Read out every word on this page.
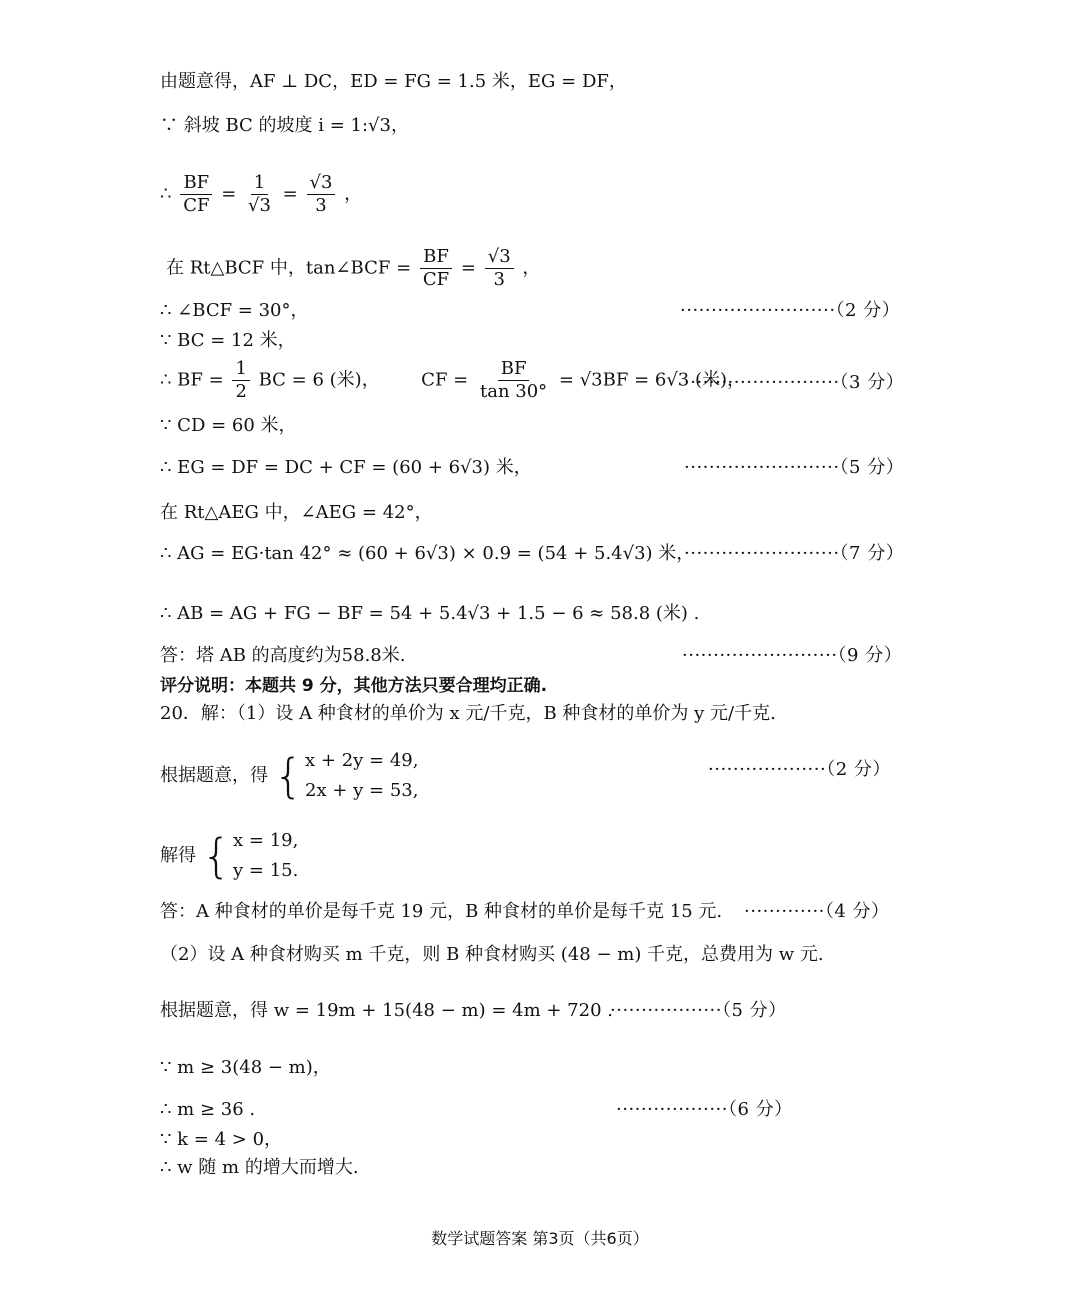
由题意得，AF ⊥ DC，ED = FG = 1.5 米，EG = DF，
∵ 斜坡 BC 的坡度 i = 1:√3，
∴ $\frac{BF}{CF} = \frac{1}{√3} = \frac{√3}{3}$ ，
在 Rt△BCF 中，tan∠BCF = $\frac{BF}{CF} = \frac{√3}{3}$ ，
∴ ∠BCF = 30°，	·························（2 分）
∵ BC = 12 米，
∴ BF = $\frac{1}{2}$ BC = 6 (米)， CF = $\frac{BF}{\tan 30^\circ} = √3BF = 6√3$ (米)，
·························（3 分）
∵ CD = 60 米，
∴ EG = DF = DC + CF = (60 + 6√3) 米，	·························（5 分）
在 Rt△AEG 中，∠AEG = 42°，
∴ AG = EG·tan 42° ≈ (60 + 6√3) × 0.9 = (54 + 5.4√3) 米，
·························（7 分）
∴ AB = AG + FG − BF = 54 + 5.4√3 + 1.5 − 6 ≈ 58.8 (米) .
答：塔 AB 的高度约为58.8米.	·························（9 分）
评分说明：本题共 9 分，其他方法只要合理均正确.
20．解：（1）设 A 种食材的单价为 x 元/千克，B 种食材的单价为 y 元/千克.
根据题意，得 { x + 2y = 49,
2x + y = 53,
···················（2 分）
解得 { x = 19,
y = 15.
答：A 种食材的单价是每千克 19 元，B 种食材的单价是每千克 15 元. ·············（4 分）
（2）设 A 种食材购买 m 千克，则 B 种食材购买 (48 − m) 千克，总费用为 w 元.
根据题意，得 w = 19m + 15(48 − m) = 4m + 720 .
··················（5 分）
∵ m ≥ 3(48 − m)，
∴ m ≥ 36 .	··················（6 分）
∵ k = 4 > 0，
∴ w 随 m 的增大而增大.
数学试题答案 第3页（共6页）
